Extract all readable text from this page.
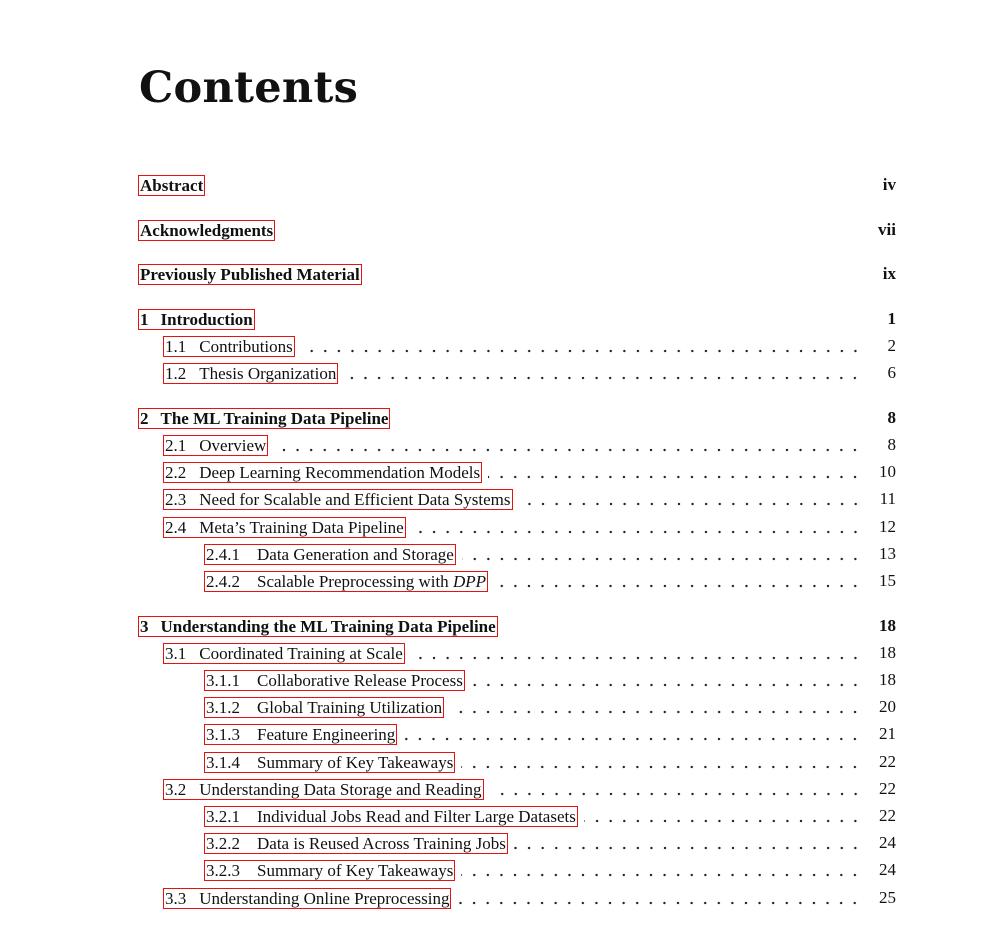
Contents
Abstract	iv
Acknowledgments	vii
Previously Published Material	ix
1 Introduction	1
1.1 Contributions	2
1.2 Thesis Organization	6
2 The ML Training Data Pipeline	8
2.1 Overview	8
2.2 Deep Learning Recommendation Models	10
2.3 Need for Scalable and Efficient Data Systems	11
2.4 Meta’s Training Data Pipeline	12
2.4.1 Data Generation and Storage	13
2.4.2 Scalable Preprocessing with DPP	15
3 Understanding the ML Training Data Pipeline	18
3.1 Coordinated Training at Scale	18
3.1.1 Collaborative Release Process	18
3.1.2 Global Training Utilization	20
3.1.3 Feature Engineering	21
3.1.4 Summary of Key Takeaways	22
3.2 Understanding Data Storage and Reading	22
3.2.1 Individual Jobs Read and Filter Large Datasets	22
3.2.2 Data is Reused Across Training Jobs	24
3.2.3 Summary of Key Takeaways	24
3.3 Understanding Online Preprocessing	25
